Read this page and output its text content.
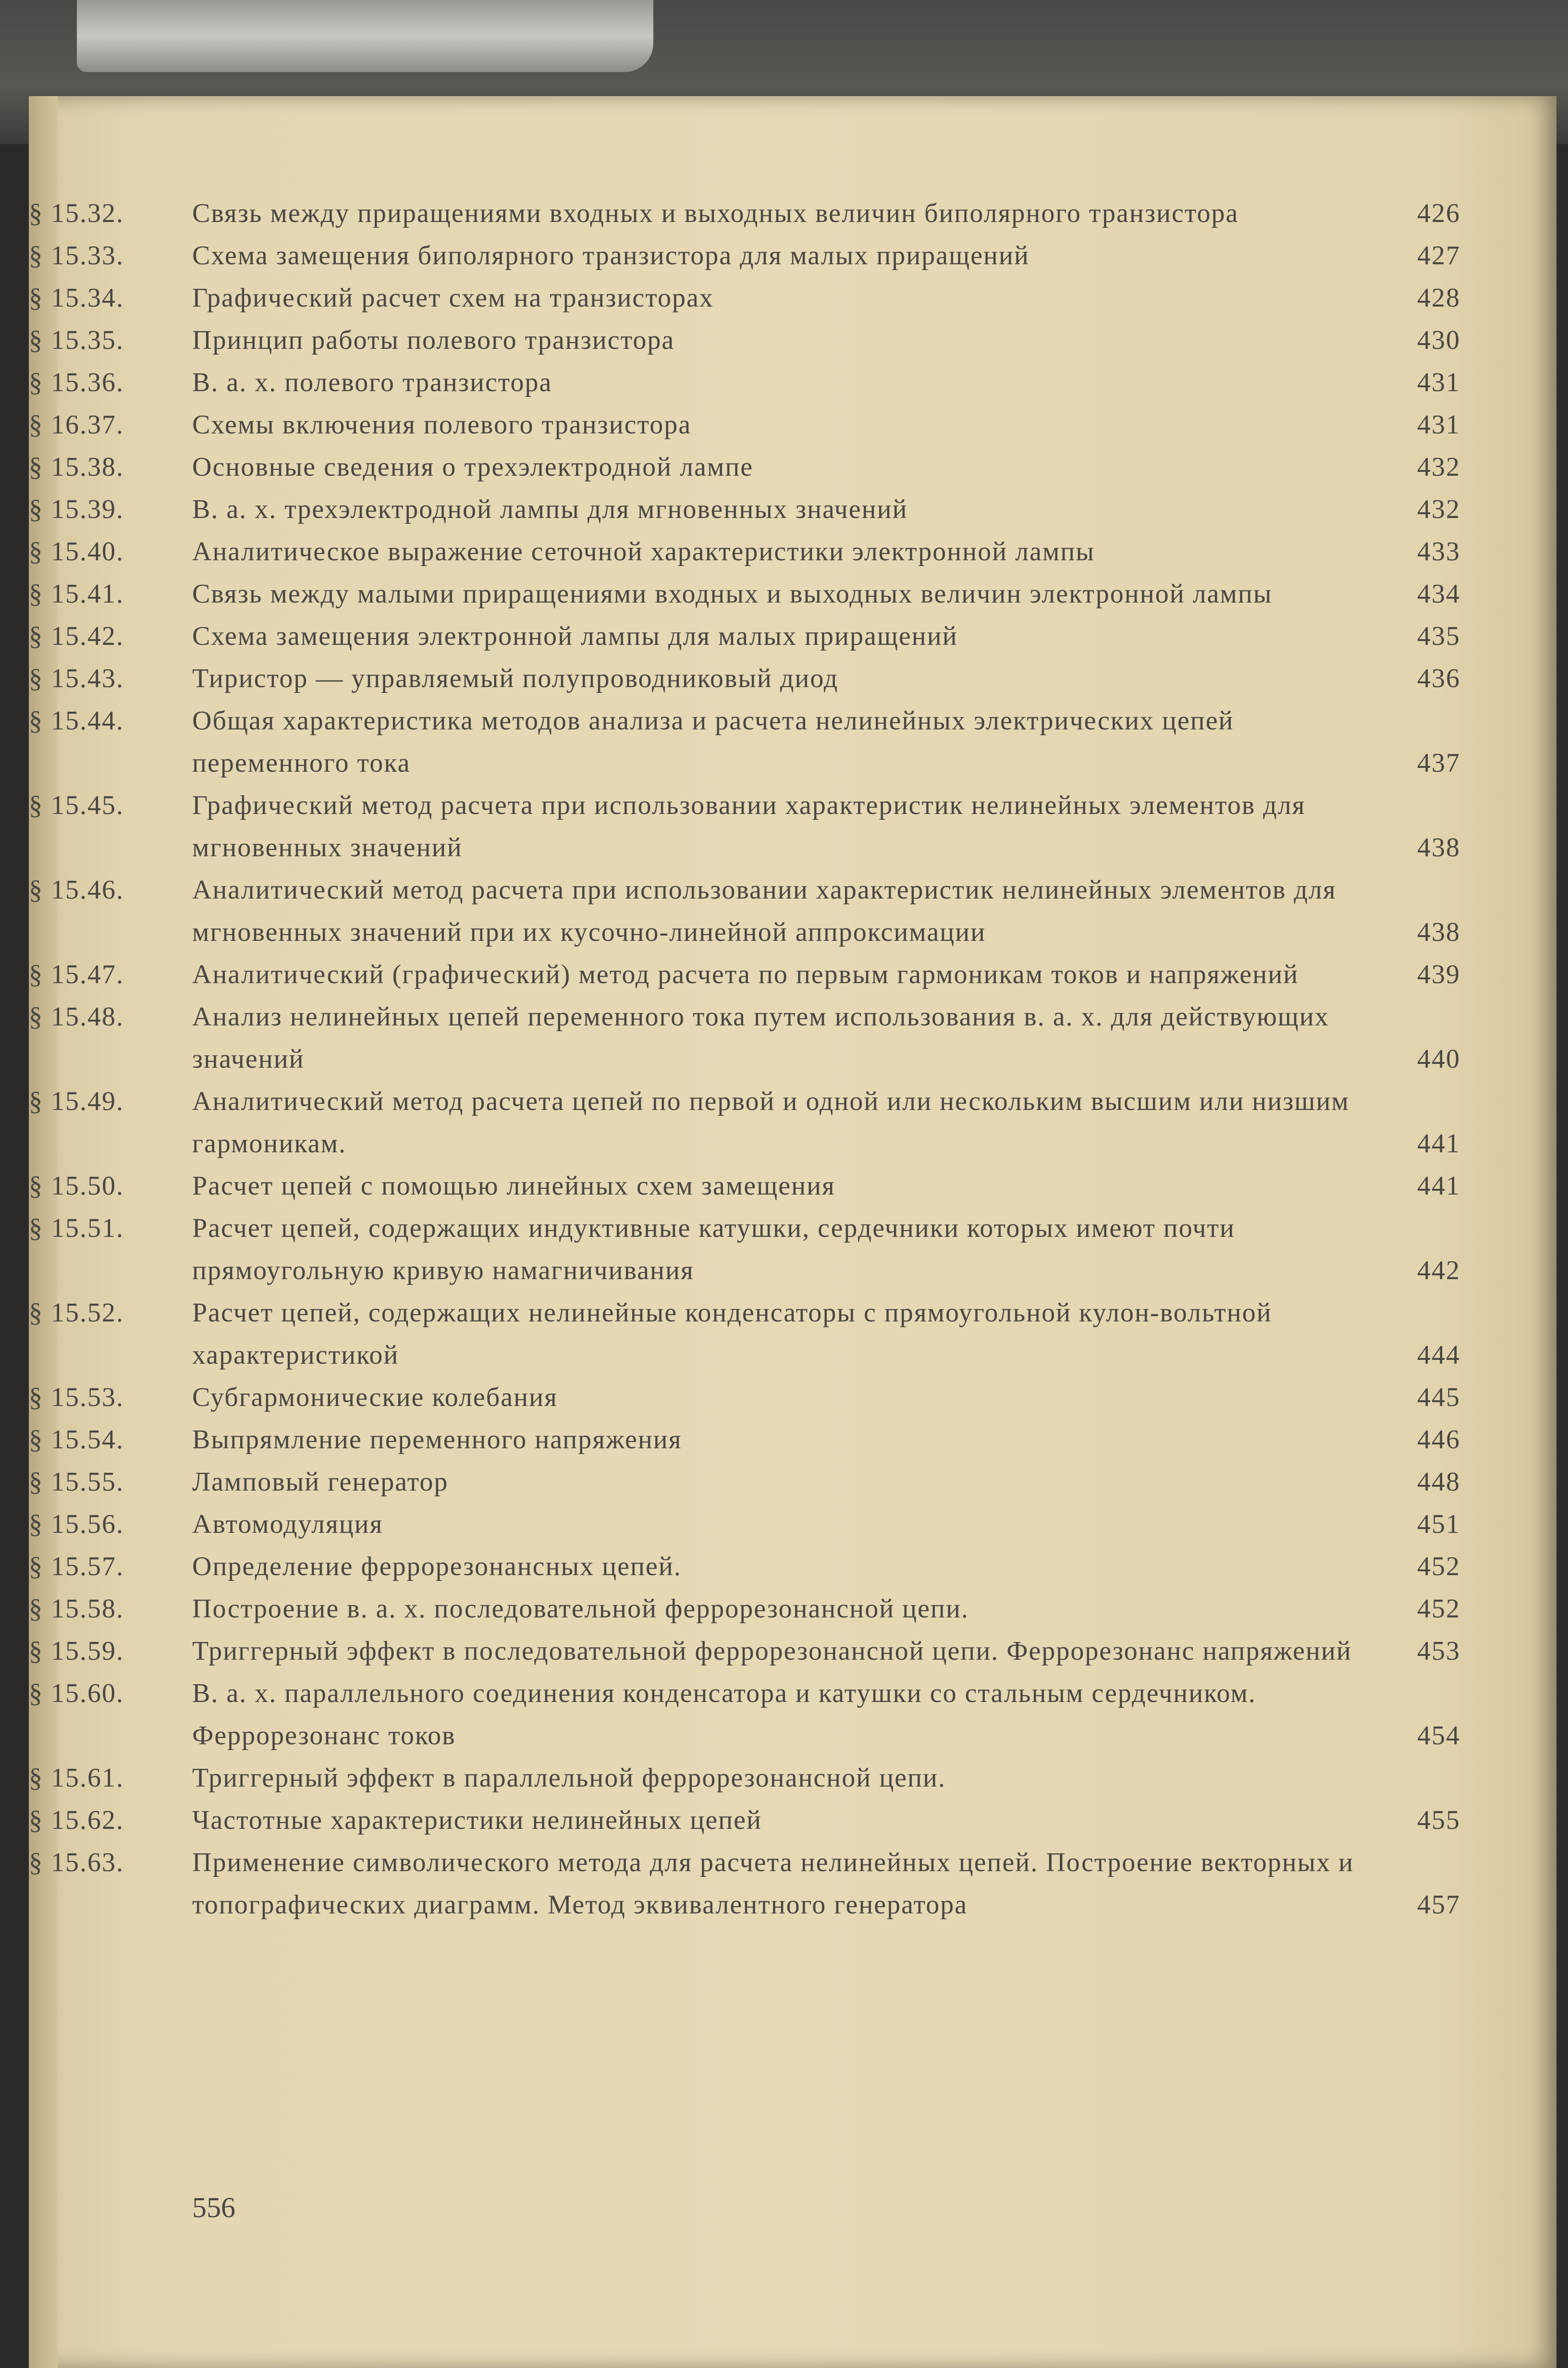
§ 15.32.	Связь между приращениями входных и выходных величин биполярного транзистора	426
§ 15.33.	Схема замещения биполярного транзистора для малых приращений	427
§ 15.34.	Графический расчет схем на транзисторах	428
§ 15.35.	Принцип работы полевого транзистора	430
§ 15.36.	В. а. х. полевого транзистора	431
§ 16.37.	Схемы включения полевого транзистора	431
§ 15.38.	Основные сведения о трехэлектродной лампе	432
§ 15.39.	В. а. х. трехэлектродной лампы для мгновенных значений	432
§ 15.40.	Аналитическое выражение сеточной характеристики электронной лампы	433
§ 15.41.	Связь между малыми приращениями входных и выходных величин электронной лампы	434
§ 15.42.	Схема замещения электронной лампы для малых приращений	435
§ 15.43.	Тиристор — управляемый полупроводниковый диод	436
§ 15.44.	Общая характеристика методов анализа и расчета нелинейных электрических цепей переменного тока	437
§ 15.45.	Графический метод расчета при использовании характеристик нелинейных элементов для мгновенных значений	438
§ 15.46.	Аналитический метод расчета при использовании характеристик нелинейных элементов для мгновенных значений при их кусочно-линейной аппроксимации	438
§ 15.47.	Аналитический (графический) метод расчета по первым гармоникам токов и напряжений	439
§ 15.48.	Анализ нелинейных цепей переменного тока путем использования в. а. х. для действующих значений	440
§ 15.49.	Аналитический метод расчета цепей по первой и одной или нескольким высшим или низшим гармоникам.	441
§ 15.50.	Расчет цепей с помощью линейных схем замещения	441
§ 15.51.	Расчет цепей, содержащих индуктивные катушки, сердечники которых имеют почти прямоугольную кривую намагничивания	442
§ 15.52.	Расчет цепей, содержащих нелинейные конденсаторы с прямоугольной кулон-вольтной характеристикой	444
§ 15.53.	Субгармонические колебания	445
§ 15.54.	Выпрямление переменного напряжения	446
§ 15.55.	Ламповый генератор	448
§ 15.56.	Автомодуляция	451
§ 15.57.	Определение феррорезонансных цепей.	452
§ 15.58.	Построение в. а. х. последовательной феррорезонансной цепи.	452
§ 15.59.	Триггерный эффект в последовательной феррорезонансной цепи. Феррорезонанс напряжений	453
§ 15.60.	В. а. х. параллельного соединения конденсатора и катушки со стальным сердечником. Феррорезонанс токов	454
§ 15.61.	Триггерный эффект в параллельной феррорезонансной цепи.
§ 15.62.	Частотные характеристики нелинейных цепей	455
§ 15.63.	Применение символического метода для расчета нелинейных цепей. Построение векторных и топографических диаграмм. Метод эквивалентного генератора	457
556
